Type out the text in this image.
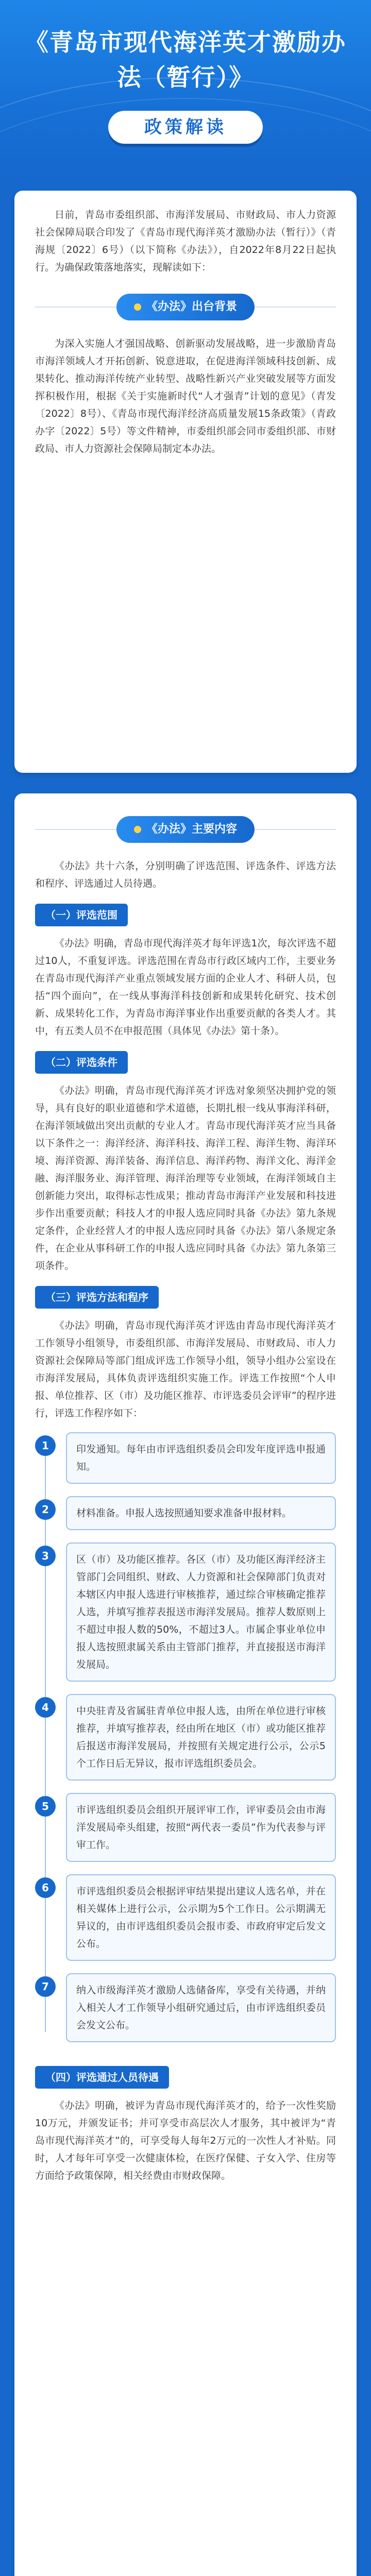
《青岛市现代海洋英才激励办法（暂行）》
政策解读

日前，青岛市委组织部、市海洋发展局、市财政局、市人力资源社会保障局联合印发了《青岛市现代海洋英才激励办法（暂行）》（青海规〔2022〕6号）（以下简称《办法》），自2022年8月22日起执行。为确保政策落地落实，现解读如下：

《办法》出台背景

为深入实施人才强国战略、创新驱动发展战略，进一步激励青岛市海洋领域人才开拓创新、锐意进取，在促进海洋领域科技创新、成果转化、推动海洋传统产业转型、战略性新兴产业突破发展等方面发挥积极作用，根据《关于实施新时代“人才强青”计划的意见》（青发〔2022〕8号）、《青岛市现代海洋经济高质量发展15条政策》（青政办字〔2022〕5号）等文件精神，市委组织部会同市委组织部、市财政局、市人力资源社会保障局制定本办法。

《办法》主要内容

《办法》共十六条，分别明确了评选范围、评选条件、评选方法和程序、评选通过人员待遇。

（一）评选范围

《办法》明确，青岛市现代海洋英才每年评选1次，每次评选不超过10人，不重复评选。评选范围在青岛市行政区域内工作，主要业务在青岛市现代海洋产业重点领域发展方面的企业人才、科研人员，包括“四个面向”，在一线从事海洋科技创新和成果转化研究、技术创新、成果转化工作，为青岛市海洋事业作出重要贡献的各类人才。其中，有五类人员不在申报范围（具体见《办法》第十条）。

（二）评选条件

《办法》明确，青岛市现代海洋英才评选对象须坚决拥护党的领导，具有良好的职业道德和学术道德，长期扎根一线从事海洋科研，在海洋领域做出突出贡献的专业人才。青岛市现代海洋英才应当具备以下条件之一：海洋经济、海洋科技、海洋工程、海洋生物、海洋环境、海洋资源、海洋装备、海洋信息、海洋药物、海洋文化、海洋金融、海洋服务业、海洋管理、海洋治理等专业领域，在海洋领域自主创新能力突出，取得标志性成果；推动青岛市海洋产业发展和科技进步作出重要贡献；科技人才的申报人选应同时具备《办法》第九条规定条件，企业经营人才的申报人选应同时具备《办法》第八条规定条件，在企业从事科研工作的申报人选应同时具备《办法》第九条第三项条件。

（三）评选方法和程序

《办法》明确，青岛市现代海洋英才评选由青岛市现代海洋英才工作领导小组领导，市委组织部、市海洋发展局、市财政局、市人力资源社会保障局等部门组成评选工作领导小组，领导小组办公室设在市海洋发展局，具体负责评选组织实施工作。评选工作按照“个人申报、单位推荐、区（市）及功能区推荐、市评选委员会评审”的程序进行，评选工作程序如下：

1	印发通知。每年由市评选组织委员会印发年度评选申报通知。

2	材料准备。申报人选按照通知要求准备申报材料。

3	区（市）及功能区推荐。各区（市）及功能区海洋经济主管部门会同组织、财政、人力资源和社会保障部门负责对本辖区内申报人选进行审核推荐，通过综合审核确定推荐人选，并填写推荐表报送市海洋发展局。推荐人数原则上不超过申报人数的50%，不超过3人。市属企事业单位申报人选按照隶属关系由主管部门推荐，并直接报送市海洋发展局。

4	中央驻青及省属驻青单位申报人选，由所在单位进行审核推荐，并填写推荐表，经由所在地区（市）或功能区推荐后报送市海洋发展局，并按照有关规定进行公示，公示5个工作日后无异议，报市评选组织委员会。

5	市评选组织委员会组织开展评审工作，评审委员会由市海洋发展局牵头组建，按照“两代表一委员”作为代表参与评审工作。

6	市评选组织委员会根据评审结果提出建议人选名单，并在相关媒体上进行公示，公示期为5个工作日。公示期满无异议的，由市评选组织委员会报市委、市政府审定后发文公布。

7	纳入市级海洋英才激励人选储备库，享受有关待遇，并纳入相关人才工作领导小组研究通过后，由市评选组织委员会发文公布。

（四）评选通过人员待遇

《办法》明确，被评为青岛市现代海洋英才的，给予一次性奖励10万元，并颁发证书；并可享受市高层次人才服务，其中被评为“青岛市现代海洋英才”的，可享受每人每年2万元的一次性人才补贴。同时，人才每年可享受一次健康体检，在医疗保健、子女入学、住房等方面给予政策保障，相关经费由市财政保障。
